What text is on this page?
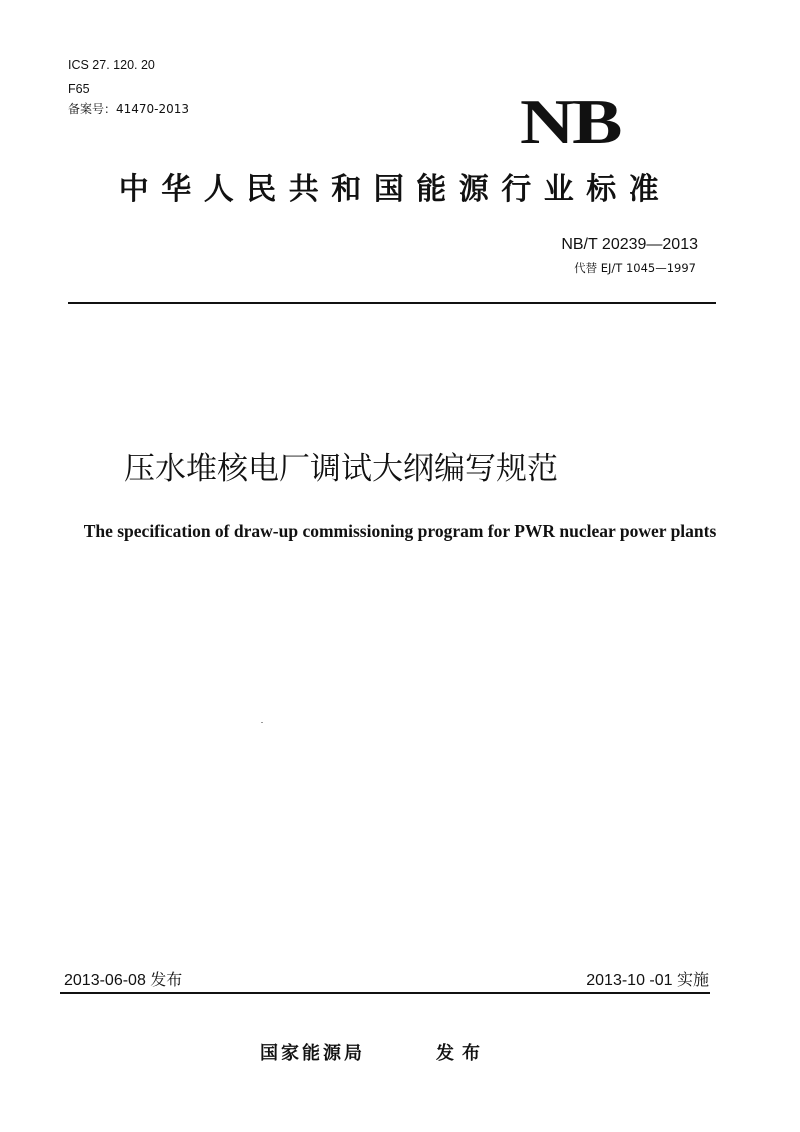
ICS 27. 120. 20
F65
备案号：41470-2013	NB
中华人民共和国能源行业标准
NB/T 20239—2013
代替 EJ/T 1045—1997
压水堆核电厂调试大纲编写规范
The specification of draw-up commissioning program for PWR nuclear power plants
2013-06-08 发布	2013-10 -01 实施
国家能源局	发布
